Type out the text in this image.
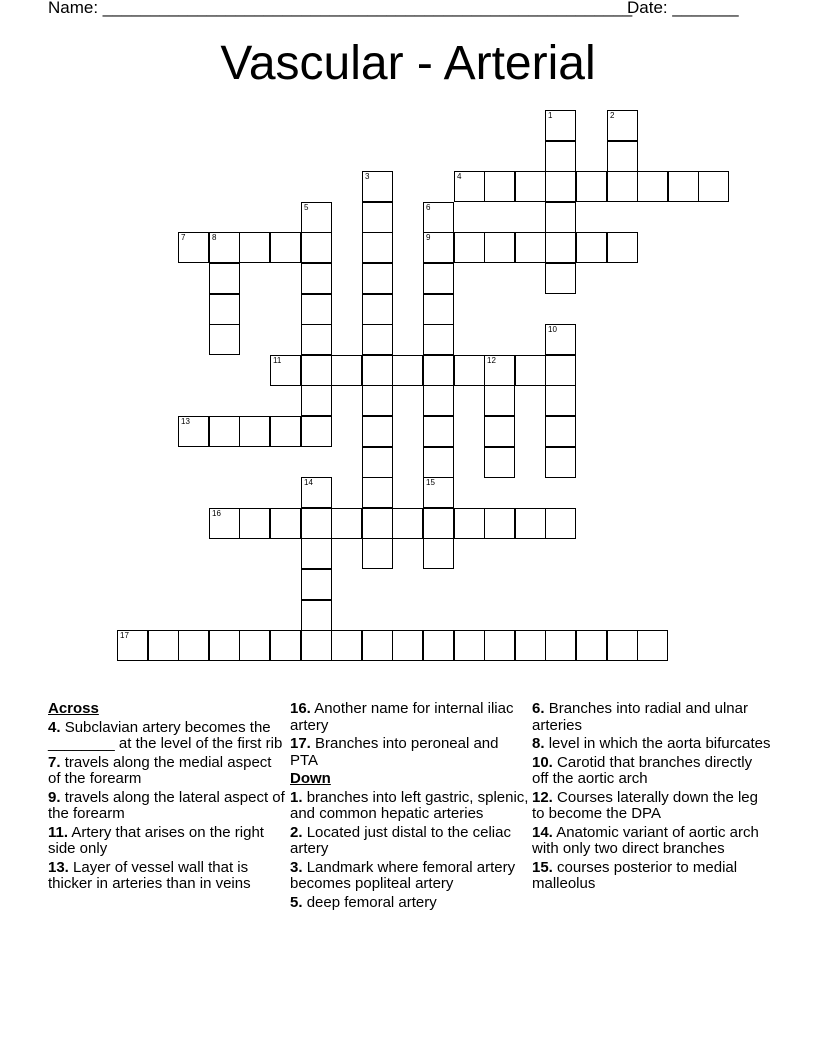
Name: ________________________________________________________
Date: _______
Vascular - Arterial
4
7	8	9
11	12
13
16
17
1	2
3
5	6
10
14	15
Across
4. Subclavian artery becomes the ________ at the level of the first rib
7. travels along the medial aspect of the forearm
9. travels along the lateral aspect of the forearm
11. Artery that arises on the right side only
13. Layer of vessel wall that is thicker in arteries than in veins
16. Another name for internal iliac artery
17. Branches into peroneal and PTA
Down
1. branches into left gastric, splenic, and common hepatic arteries
2. Located just distal to the celiac artery
3. Landmark where femoral artery becomes popliteal artery
5. deep femoral artery
6. Branches into radial and ulnar arteries
8. level in which the aorta bifurcates
10. Carotid that branches directly off the aortic arch
12. Courses laterally down the leg to become the DPA
14. Anatomic variant of aortic arch with only two direct branches
15. courses posterior to medial malleolus
